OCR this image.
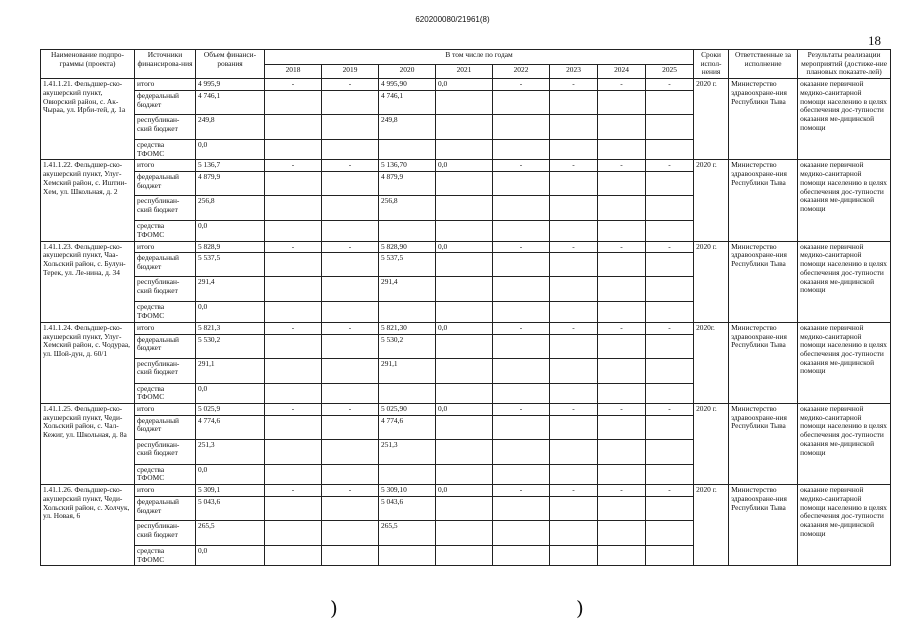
620200080/21961(8)
18
Наименование подпро-граммы (проекта)	Источники финансирова-ния	Объем финанси-рования	В том числе по годам								Сроки испол-нения	Ответственные за исполнение	Результаты реализации мероприятий (достиже-ние плановых показате-лей)
			2018	2019	2020	2021	2022	2023	2024	2025			
1.41.1.21. Фельдшер-ско-акушерский пункт, Овюрский район, с. Ак-Чыраа, ул. Ирби-тей, д. 1а	итого	4 995,9	-	-	4 995,90	0,0	-	-	-	-	2020 г.	Министерство здравоохране-ния Республики Тыва	оказание первичной медико-санитарной помощи населению в целях обеспечения дос-тупности оказания ме-дицинской помощи
	федеральный бюджет	4 746,1			4 746,1								
	республикан-ский бюджет	249,8			249,8								
	средства ТФОМС	0,0											
1.41.1.22. Фельдшер-ско-акушерский пункт, Улуг-Хемский район, с. Иштии-Хем, ул. Школьная, д. 2	итого	5 136,7	-	-	5 136,70	0,0	-	-	-	-	2020 г.	Министерство здравоохране-ния Республики Тыва	оказание первичной медико-санитарной помощи населению в целях обеспечения дос-тупности оказания ме-дицинской помощи
	федеральный бюджет	4 879,9			4 879,9								
	республикан-ский бюджет	256,8			256,8								
	средства ТФОМС	0,0											
1.41.1.23. Фельдшер-ско-акушерский пункт, Чаа-Хольский район, с. Булун-Терек, ул. Ле-нина, д. 34	итого	5 828,9	-	-	5 828,90	0,0	-	-	-	-	2020 г.	Министерство здравоохране-ния Республики Тыва	оказание первичной медико-санитарной помощи населению в целях обеспечения дос-тупности оказания ме-дицинской помощи
	федеральный бюджет	5 537,5			5 537,5								
	республикан-ский бюджет	291,4			291,4								
	средства ТФОМС	0,0											
1.41.1.24. Фельдшер-ско-акушерский пункт, Улуг-Хемский район, с. Чодураа, ул. Шой-дун, д. 60/1	итого	5 821,3	-	-	5 821,30	0,0	-	-	-	-	2020г.	Министерство здравоохране-ния Республики Тыва	оказание первичной медико-санитарной помощи населению в целях обеспечения дос-тупности оказания ме-дицинской помощи
	федеральный бюджет	5 530,2			5 530,2								
	республикан-ский бюджет	291,1			291,1								
	средства ТФОМС	0,0											
1.41.1.25. Фельдшер-ско-акушерский пункт, Чеди-Хольский район, с. Чал-Кежиг, ул. Школьная, д. 8а	итого	5 025,9	-	-	5 025,90	0,0	-	-	-	-	2020 г.	Министерство здравоохране-ния Республики Тыва	оказание первичной медико-санитарной помощи населению в целях обеспечения дос-тупности оказания ме-дицинской помощи
	федеральный бюджет	4 774,6			4 774,6								
	республикан-ский бюджет	251,3			251,3								
	средства ТФОМС	0,0											
1.41.1.26. Фельдшер-ско-акушерский пункт, Чеди-Хольский район, с. Холчук, ул. Новая, 6	итого	5 309,1	-	-	5 309,10	0,0	-	-	-	-	2020 г.	Министерство здравоохране-ния Республики Тыва	оказание первичной медико-санитарной помощи населению в целях обеспечения дос-тупности оказания ме-дицинской помощи
	федеральный бюджет	5 043,6			5 043,6								
	республикан-ский бюджет	265,5			265,5								
	средства ТФОМС	0,0											
)	)
